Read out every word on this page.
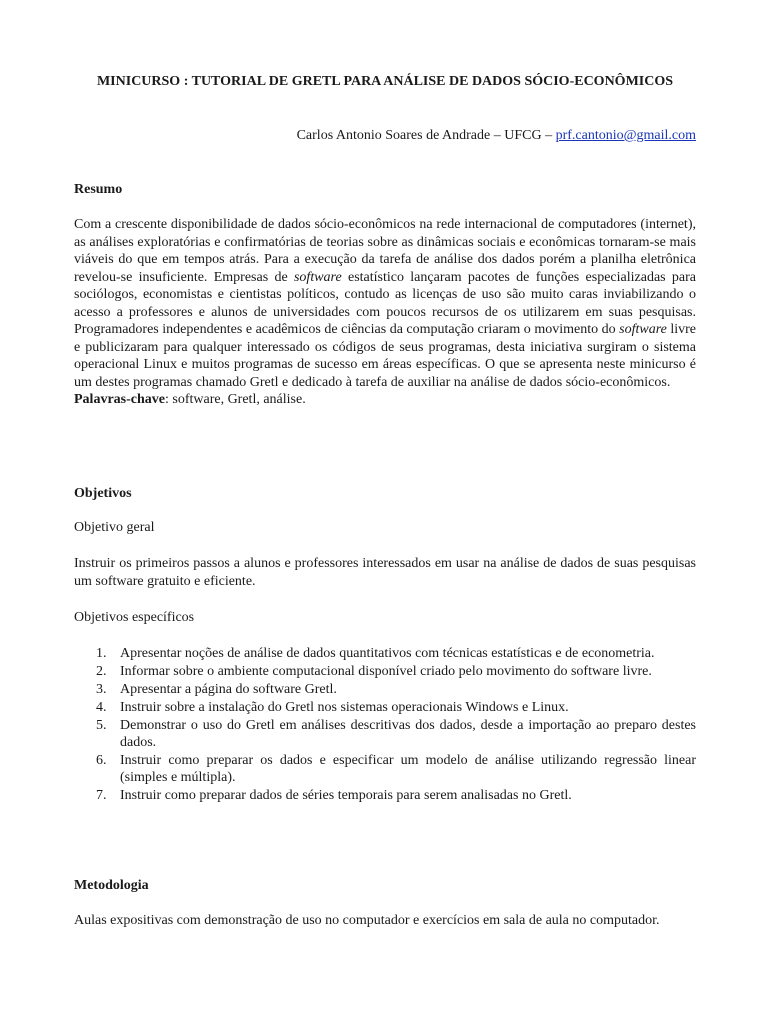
MINICURSO : TUTORIAL DE GRETL PARA ANÁLISE DE DADOS SÓCIO-ECONÔMICOS
Carlos Antonio Soares de Andrade – UFCG – prf.cantonio@gmail.com
Resumo
Com a crescente disponibilidade de dados sócio-econômicos na rede internacional de computadores (internet), as análises exploratórias e confirmatórias de teorias sobre as dinâmicas sociais e econômicas tornaram-se mais viáveis do que em tempos atrás. Para a execução da tarefa de análise dos dados porém a planilha eletrônica revelou-se insuficiente. Empresas de software estatístico lançaram pacotes de funções especializadas para sociólogos, economistas e cientistas políticos, contudo as licenças de uso são muito caras inviabilizando o acesso a professores e alunos de universidades com poucos recursos de os utilizarem em suas pesquisas. Programadores independentes e acadêmicos de ciências da computação criaram o movimento do software livre e publicizaram para qualquer interessado os códigos de seus programas, desta iniciativa surgiram o sistema operacional Linux e muitos programas de sucesso em áreas específicas. O que se apresenta neste minicurso é um destes programas chamado Gretl e dedicado à tarefa de auxiliar na análise de dados sócio-econômicos.
Palavras-chave: software, Gretl, análise.
Objetivos
Objetivo geral
Instruir os primeiros passos a alunos e professores interessados em usar na análise de dados de suas pesquisas um software gratuito e eficiente.
Objetivos específicos
1. Apresentar noções de análise de dados quantitativos com técnicas estatísticas e de econometria.
2. Informar sobre o ambiente computacional disponível criado pelo movimento do software livre.
3. Apresentar a página do software Gretl.
4. Instruir sobre a instalação do Gretl nos sistemas operacionais Windows e Linux.
5. Demonstrar o uso do Gretl em análises descritivas dos dados, desde a importação ao preparo destes dados.
6. Instruir como preparar os dados e especificar um modelo de análise utilizando regressão linear (simples e múltipla).
7. Instruir como preparar dados de séries temporais para serem analisadas no Gretl.
Metodologia
Aulas expositivas com demonstração de uso no computador e exercícios em sala de aula no computador.
